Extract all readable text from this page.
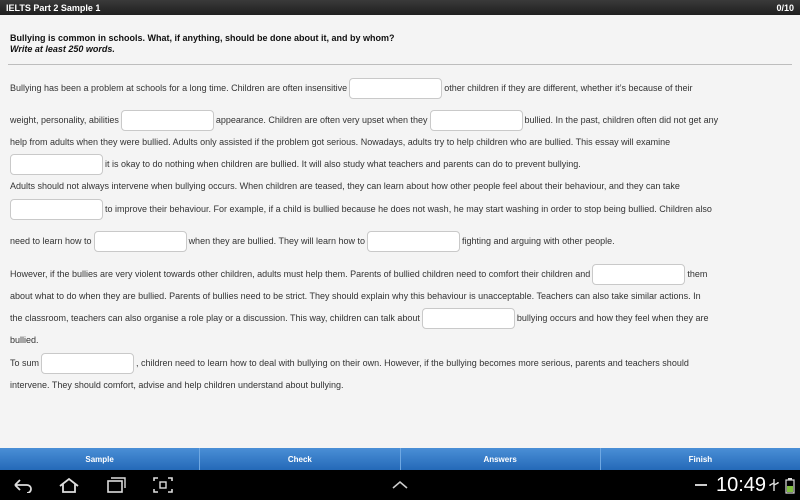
IELTS Part 2 Sample 1	0/10
Bullying is common in schools. What, if anything, should be done about it, and by whom?
Write at least 250 words.
Bullying has been a problem at schools for a long time. Children are often insensitive	other children if they are different, whether it’s because of their
weight, personality, abilities	appearance. Children are often very upset when they	bullied. In the past, children often did not get any
help from adults when they were bullied. Adults only assisted if the problem got serious. Nowadays, adults try to help children who are bullied. This essay will examine
it is okay to do nothing when children are bullied. It will also study what teachers and parents can do to prevent bullying.
Adults should not always intervene when bullying occurs. When children are teased, they can learn about how other people feel about their behaviour, and they can take
to improve their behaviour. For example, if a child is bullied because he does not wash, he may start washing in order to stop being bullied. Children also
need to learn how to	when they are bullied. They will learn how to	fighting and arguing with other people.
However, if the bullies are very violent towards other children, adults must help them. Parents of bullied children need to comfort their children and	them
about what to do when they are bullied. Parents of bullies need to be strict. They should explain why this behaviour is unacceptable. Teachers can also take similar actions. In
the classroom, teachers can also organise a role play or a discussion. This way, children can talk about	bullying occurs and how they feel when they are
bullied.
To sum	, children need to learn how to deal with bullying on their own. However, if the bullying becomes more serious, parents and teachers should
intervene. They should comfort, advise and help children understand about bullying.
Sample	Check	Answers	Finish
10:49
